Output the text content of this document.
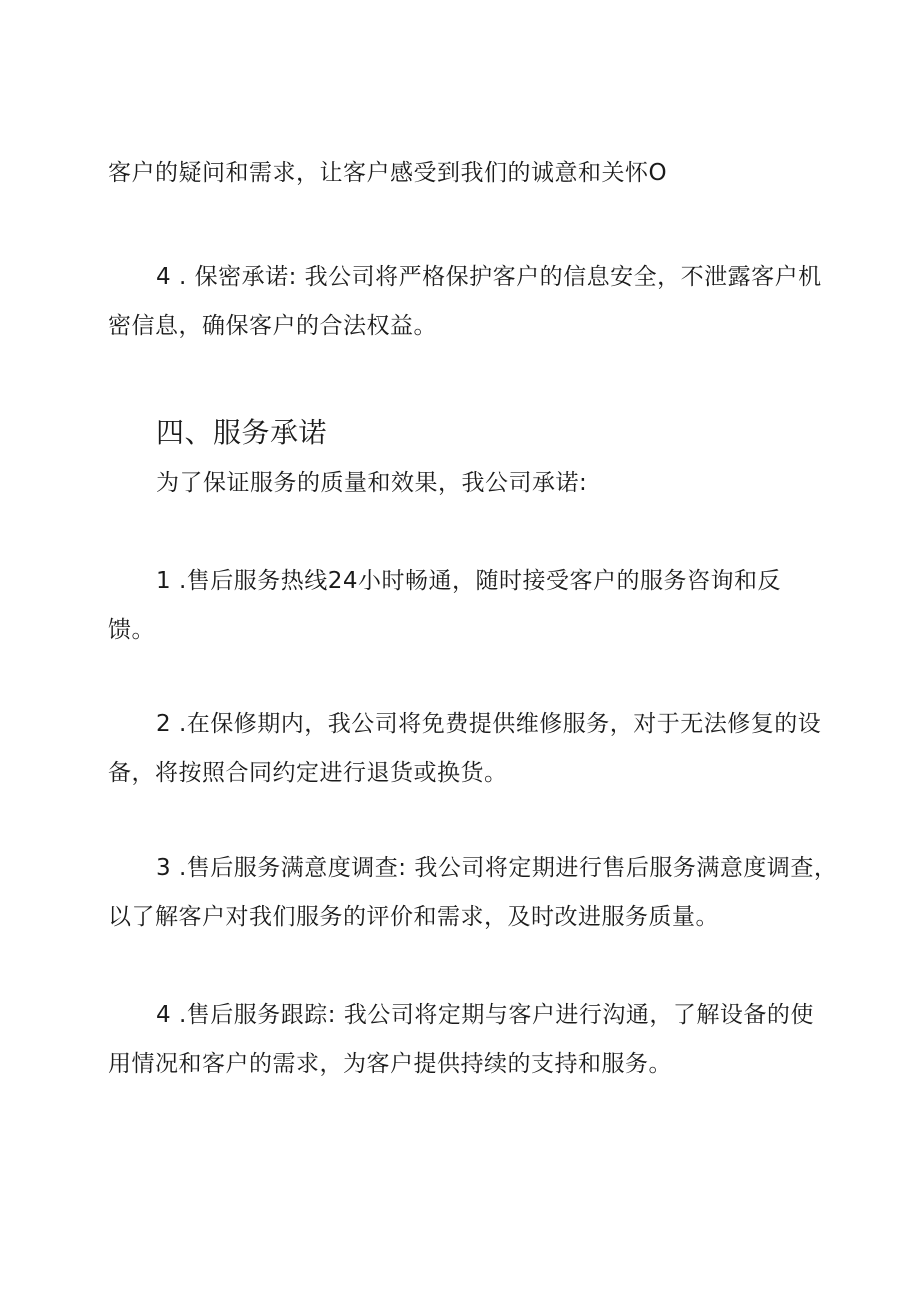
客户的疑问和需求，让客户感受到我们的诚意和关怀O
4 . 保密承诺: 我公司将严格保护客户的信息安全，不泄露客户机
密信息，确保客户的合法权益。
四、服务承诺
为了保证服务的质量和效果，我公司承诺:
1 .售后服务热线24小时畅通，随时接受客户的服务咨询和反
馈。
2 .在保修期内，我公司将免费提供维修服务，对于无法修复的设
备，将按照合同约定进行退货或换货。
3 .售后服务满意度调查: 我公司将定期进行售后服务满意度调查，
以了解客户对我们服务的评价和需求，及时改进服务质量。
4 .售后服务跟踪: 我公司将定期与客户进行沟通，了解设备的使
用情况和客户的需求，为客户提供持续的支持和服务。
